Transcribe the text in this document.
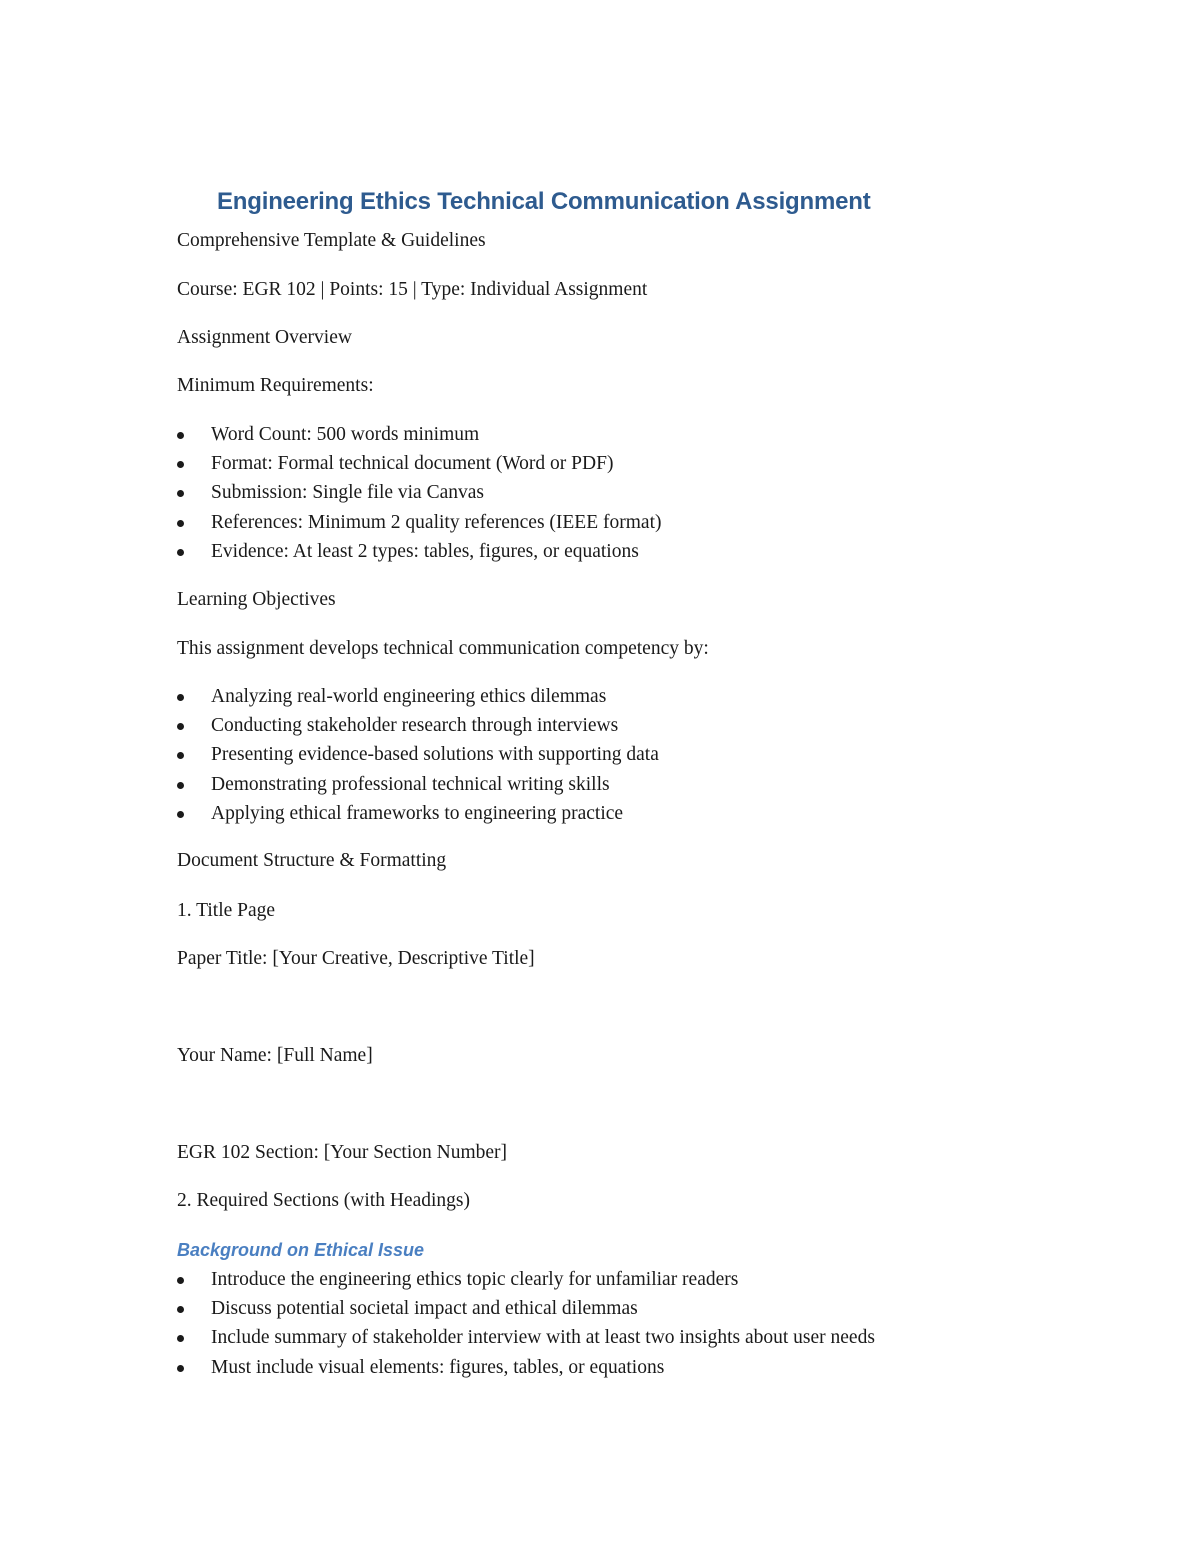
Engineering Ethics Technical Communication Assignment
Comprehensive Template & Guidelines
Course: EGR 102 | Points: 15 | Type: Individual Assignment
Assignment Overview
Minimum Requirements:
Word Count: 500 words minimum
Format: Formal technical document (Word or PDF)
Submission: Single file via Canvas
References: Minimum 2 quality references (IEEE format)
Evidence: At least 2 types: tables, figures, or equations
Learning Objectives
This assignment develops technical communication competency by:
Analyzing real-world engineering ethics dilemmas
Conducting stakeholder research through interviews
Presenting evidence-based solutions with supporting data
Demonstrating professional technical writing skills
Applying ethical frameworks to engineering practice
Document Structure & Formatting
1. Title Page
Paper Title: [Your Creative, Descriptive Title]
Your Name: [Full Name]
EGR 102 Section: [Your Section Number]
2. Required Sections (with Headings)
Background on Ethical Issue
Introduce the engineering ethics topic clearly for unfamiliar readers
Discuss potential societal impact and ethical dilemmas
Include summary of stakeholder interview with at least two insights about user needs
Must include visual elements: figures, tables, or equations
